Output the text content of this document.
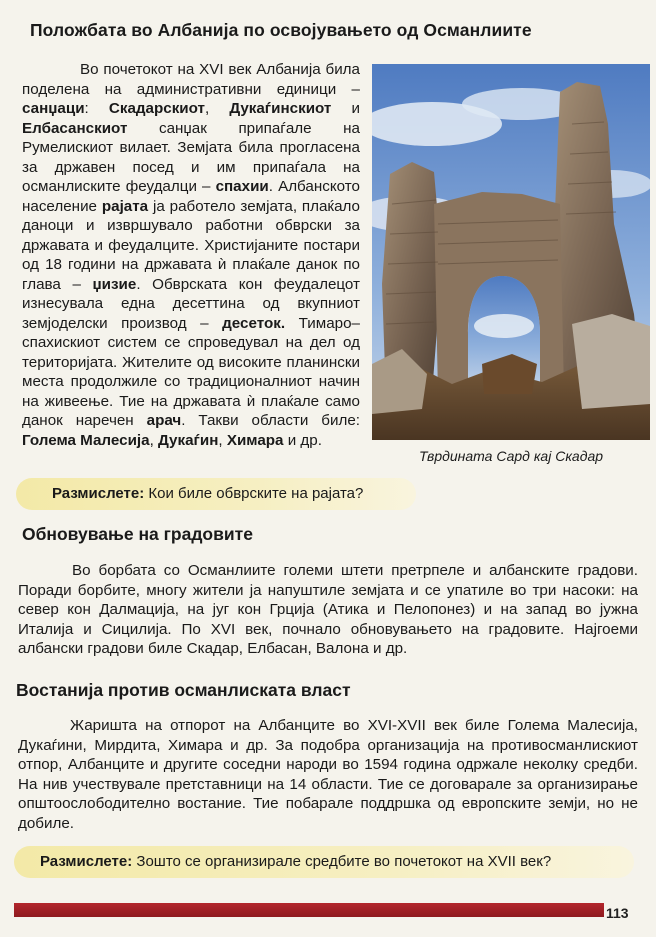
Положбата во Албанија по освојувањето од Османлиите

Во почетокот на XVI век Албанија била поделена на административни единици – санџаци: Скадарскиот, Дукаѓинскиот и Елбасанскиот санџак припаѓале на Румелискиот вилает. Земјата била прогласена за државен посед и им припаѓала на османлиските феудалци – спахии. Албанското население рајата ја работело земјата, плаќало даноци и извршувало работни обврски за државата и феудалците. Христијаните постари од 18 години на државата ѝ плаќале данок по глава – џизие. Обврската кон феудалецот изнесувала една десеттина од вкупниот земјоделски производ – десеток. Тимаро–спахискиот систем се спроведувал на дел од територијата. Жителите од високите планински места продолжиле со традиционалниот начин на живеење. Тие на државата ѝ плаќале само данок наречен арач. Такви области биле: Голема Малесија, Дукаѓин, Химара и др.

Тврдината Сард кај Скадар
Размислете: Кои биле обврските на рајата?
Обновување на градовите

Во борбата со Османлиите големи штети претрпеле и албанските градови. Поради борбите, многу жители ја напуштиле земјата и се упатиле во три насоки: на север кон Далмација, на југ кон Грција (Атика и Пелопонез) и на запад во јужна Италија и Сицилија. По XVI век, почнало обновувањето на градовите. Најгоеми албански градови биле Скадар, Елбасан, Валона и др.

Востанија против османлиската власт

Жаришта на отпорот на Албанците во XVI-XVII век биле Голема Малесија, Дукаѓини, Мирдита, Химара и др. За подобра организација на противосманлискиот отпор, Албанците и другите соседни народи во 1594 година одржале неколку средби. На нив учествувале претставници на 14 области. Тие се договарале за организирање општоослободително востание. Тие побарале поддршка од европските земји, но не добиле.

Размислете: Зошто се организирале средбите во почетокот на XVII век?
113
